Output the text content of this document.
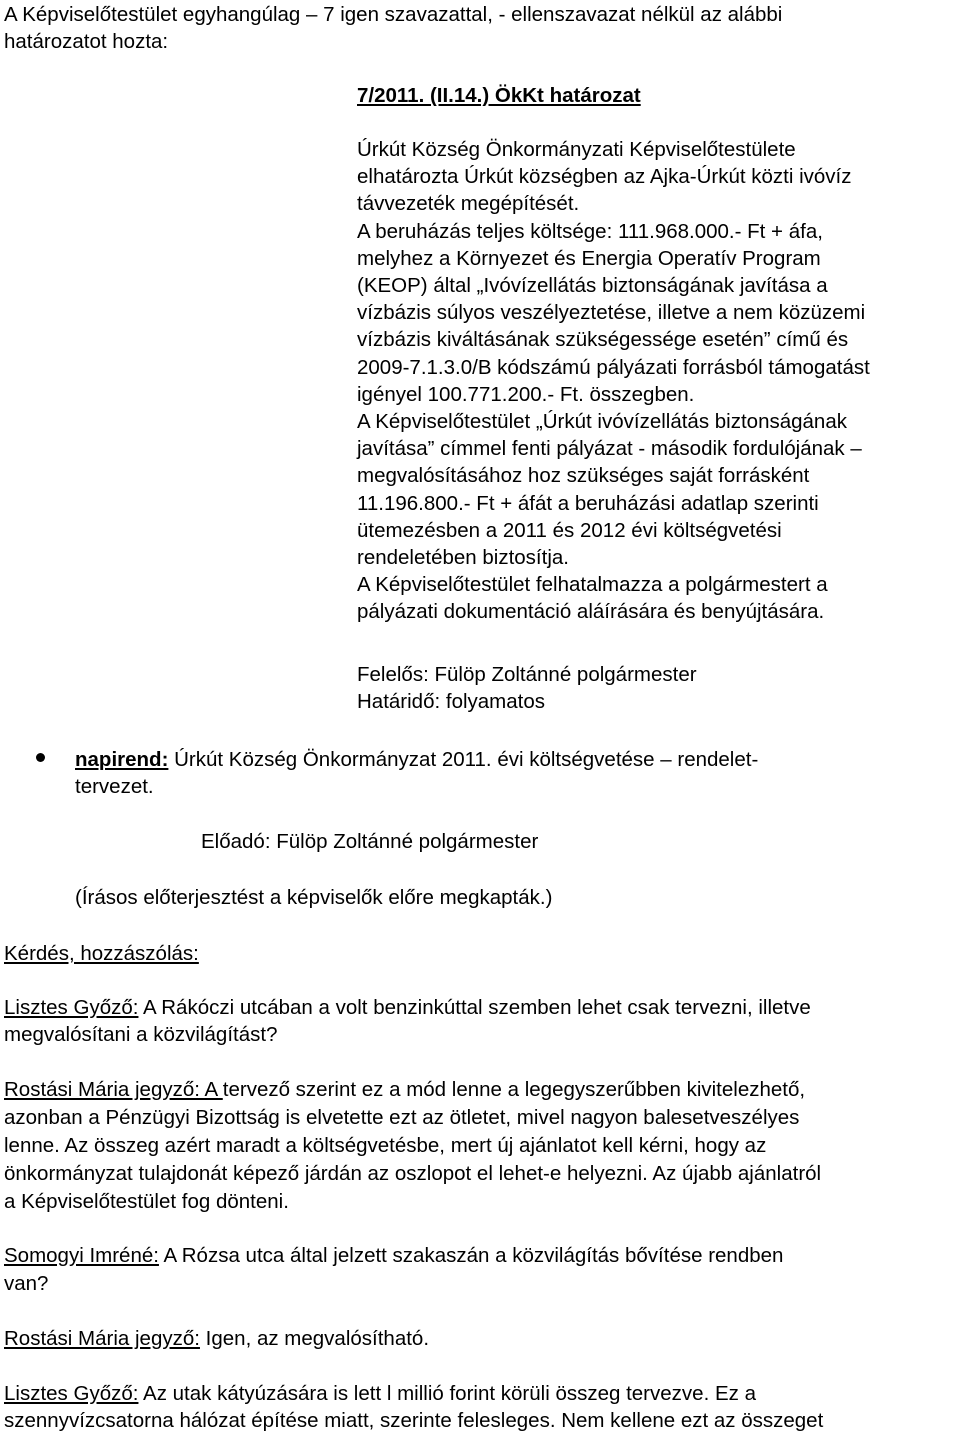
A Képviselőtestület egyhangúlag – 7 igen szavazattal, - ellenszavazat nélkül az alábbi
határozatot hozta:
7/2011. (II.14.) ÖkKt határozat
Úrkút Község Önkormányzati Képviselőtestülete
elhatározta Úrkút községben az Ajka-Úrkút közti ivóvíz
távvezeték megépítését.
A beruházás teljes költsége: 111.968.000.- Ft + áfa,
melyhez a Környezet és Energia Operatív Program
(KEOP) által „Ivóvízellátás biztonságának javítása a
vízbázis súlyos veszélyeztetése, illetve a nem közüzemi
vízbázis kiváltásának szükségessége esetén” című és
2009-7.1.3.0/B kódszámú pályázati forrásból támogatást
igényel 100.771.200.- Ft. összegben.
A Képviselőtestület „Úrkút ivóvízellátás biztonságának
javítása” címmel fenti pályázat - második fordulójának –
megvalósításához hoz szükséges saját forrásként
11.196.800.- Ft + áfát a beruházási adatlap szerinti
ütemezésben a 2011 és 2012 évi költségvetési
rendeletében biztosítja.
A Képviselőtestület felhatalmazza a polgármestert a
pályázati dokumentáció aláírására és benyújtására.
Felelős: Fülöp Zoltánné polgármester
Határidő: folyamatos
napirend: Úrkút Község Önkormányzat 2011. évi költségvetése – rendelet-
tervezet.
Előadó: Fülöp Zoltánné polgármester
(Írásos előterjesztést a képviselők előre megkapták.)
Kérdés, hozzászólás:
Lisztes Győző: A Rákóczi utcában a volt benzinkúttal szemben lehet csak tervezni, illetve
megvalósítani a közvilágítást?
Rostási Mária jegyző: A tervező szerint ez a mód lenne a legegyszerűbben kivitelezhető,
azonban a Pénzügyi Bizottság is elvetette ezt az ötletet, mivel nagyon balesetveszélyes
lenne. Az összeg azért maradt a költségvetésbe, mert új ajánlatot kell kérni, hogy az
önkormányzat tulajdonát képező járdán az oszlopot el lehet-e helyezni. Az újabb ajánlatról
a Képviselőtestület fog dönteni.
Somogyi Imréné: A Rózsa utca által jelzett szakaszán a közvilágítás bővítése rendben
van?
Rostási Mária jegyző: Igen, az megvalósítható.
Lisztes Győző: Az utak kátyúzására is lett l millió forint körüli összeg tervezve. Ez a
szennyvízcsatorna hálózat építése miatt, szerinte felesleges. Nem kellene ezt az összeget
